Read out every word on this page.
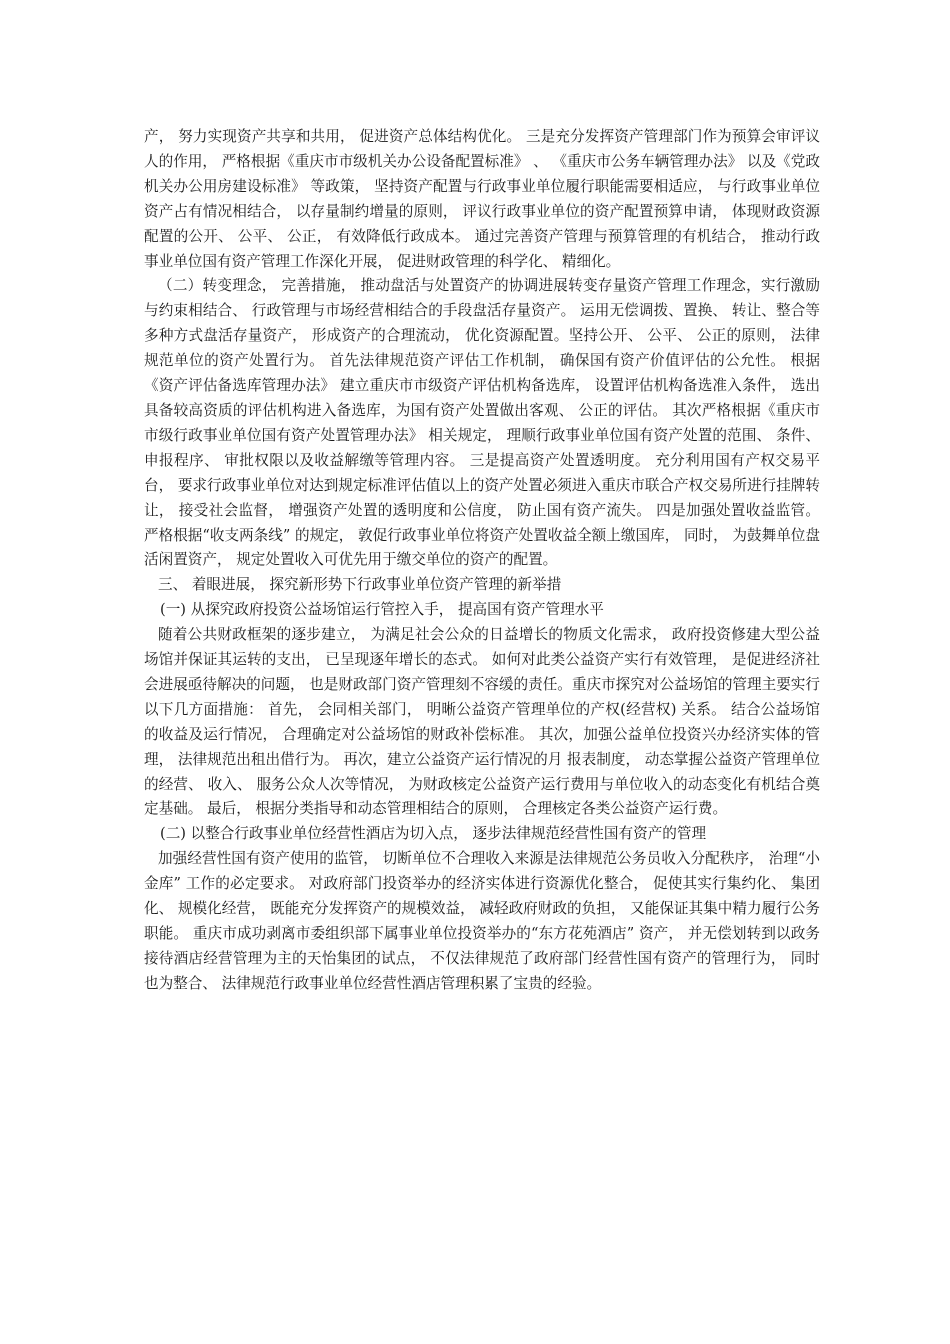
产， 努力实现资产共享和共用， 促进资产总体结构优化。 三是充分发挥资产管理部门作为预算会审评议人的作用， 严格根据《重庆市市级机关办公设备配置标准》 、 《重庆市公务车辆管理办法》 以及《党政机关办公用房建设标准》 等政策， 坚持资产配置与行政事业单位履行职能需要相适应， 与行政事业单位资产占有情况相结合， 以存量制约增量的原则， 评议行政事业单位的资产配置预算申请， 体现财政资源配置的公开、 公平、 公正， 有效降低行政成本。 通过完善资产管理与预算管理的有机结合， 推动行政事业单位国有资产管理工作深化开展， 促进财政管理的科学化、 精细化。

（二）转变理念， 完善措施， 推动盘活与处置资产的协调进展转变存量资产管理工作理念，实行激励与约束相结合、 行政管理与市场经营相结合的手段盘活存量资产。 运用无偿调拨、置换、 转让、整合等多种方式盘活存量资产， 形成资产的合理流动， 优化资源配置。坚持公开、 公平、 公正的原则， 法律规范单位的资产处置行为。 首先法律规范资产评估工作机制， 确保国有资产价值评估的公允性。 根据《资产评估备选库管理办法》 建立重庆市市级资产评估机构备选库， 设置评估机构备选准入条件， 选出具备较高资质的评估机构进入备选库，为国有资产处置做出客观、 公正的评估。 其次严格根据《重庆市市级行政事业单位国有资产处置管理办法》 相关规定， 理顺行政事业单位国有资产处置的范围、 条件、 申报程序、 审批权限以及收益解缴等管理内容。 三是提高资产处置透明度。 充分利用国有产权交易平台， 要求行政事业单位对达到规定标准评估值以上的资产处置必须进入重庆市联合产权交易所进行挂牌转让， 接受社会监督， 增强资产处置的透明度和公信度， 防止国有资产流失。 四是加强处置收益监管。 严格根据“收支两条线” 的规定， 敦促行政事业单位将资产处置收益全额上缴国库， 同时， 为鼓舞单位盘活闲置资产， 规定处置收入可优先用于缴交单位的资产的配置。

三、 着眼进展， 探究新形势下行政事业单位资产管理的新举措

(一) 从探究政府投资公益场馆运行管控入手， 提高国有资产管理水平

随着公共财政框架的逐步建立， 为满足社会公众的日益增长的物质文化需求， 政府投资修建大型公益场馆并保证其运转的支出， 已呈现逐年增长的态式。 如何对此类公益资产实行有效管理， 是促进经济社会进展亟待解决的问题， 也是财政部门资产管理刻不容缓的责任。重庆市探究对公益场馆的管理主要实行以下几方面措施： 首先， 会同相关部门， 明晰公益资产管理单位的产权(经营权) 关系。 结合公益场馆的收益及运行情况， 合理确定对公益场馆的财政补偿标准。 其次，加强公益单位投资兴办经济实体的管理， 法律规范出租出借行为。 再次，建立公益资产运行情况的月 报表制度， 动态掌握公益资产管理单位的经营、 收入、 服务公众人次等情况， 为财政核定公益资产运行费用与单位收入的动态变化有机结合奠定基础。 最后， 根据分类指导和动态管理相结合的原则， 合理核定各类公益资产运行费。

(二) 以整合行政事业单位经营性酒店为切入点， 逐步法律规范经营性国有资产的管理

加强经营性国有资产使用的监管， 切断单位不合理收入来源是法律规范公务员收入分配秩序， 治理“小金库” 工作的必定要求。 对政府部门投资举办的经济实体进行资源优化整合， 促使其实行集约化、 集团化、 规模化经营， 既能充分发挥资产的规模效益， 减轻政府财政的负担， 又能保证其集中精力履行公务职能。 重庆市成功剥离市委组织部下属事业单位投资举办的“东方花苑酒店” 资产， 并无偿划转到以政务接待酒店经营管理为主的天怡集团的试点， 不仅法律规范了政府部门经营性国有资产的管理行为， 同时也为整合、 法律规范行政事业单位经营性酒店管理积累了宝贵的经验。
